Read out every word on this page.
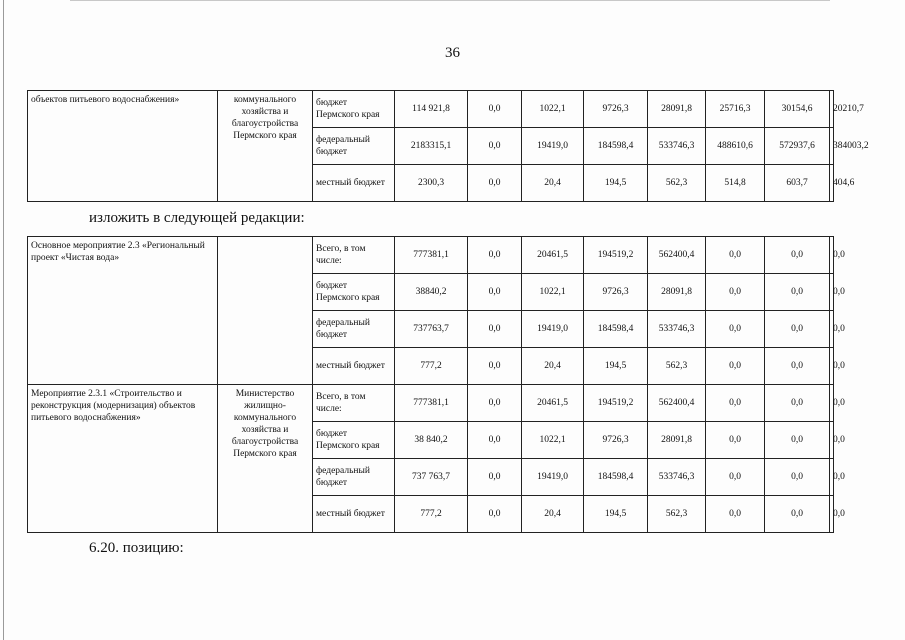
36
объектов питьевого водоснабжения»	коммунального хозяйства и благоустройства Пермского края	бюджет Пермского края	114 921,8	0,0	1022,1	9726,3	28091,8	25716,3	30154,6	20210,7
		федеральный бюджет	2183315,1	0,0	19419,0	184598,4	533746,3	488610,6	572937,6	384003,2
		местный бюджет	2300,3	0,0	20,4	194,5	562,3	514,8	603,7	404,6
изложить в следующей редакции:
Основное мероприятие 2.3 «Региональный проект «Чистая вода»		Всего, в том числе:	777381,1	0,0	20461,5	194519,2	562400,4	0,0	0,0	0,0
		бюджет Пермского края	38840,2	0,0	1022,1	9726,3	28091,8	0,0	0,0	0,0
		федеральный бюджет	737763,7	0,0	19419,0	184598,4	533746,3	0,0	0,0	0,0
		местный бюджет	777,2	0,0	20,4	194,5	562,3	0,0	0,0	0,0
Мероприятие 2.3.1 «Строительство и реконструкция (модернизация) объектов питьевого водоснабжения»	Министерство жилищно-коммунального хозяйства и благоустройства Пермского края	Всего, в том числе:	777381,1	0,0	20461,5	194519,2	562400,4	0,0	0,0	0,0
		бюджет Пермского края	38 840,2	0,0	1022,1	9726,3	28091,8	0,0	0,0	0,0
		федеральный бюджет	737 763,7	0,0	19419,0	184598,4	533746,3	0,0	0,0	0,0
		местный бюджет	777,2	0,0	20,4	194,5	562,3	0,0	0,0	0,0
6.20. позицию:
